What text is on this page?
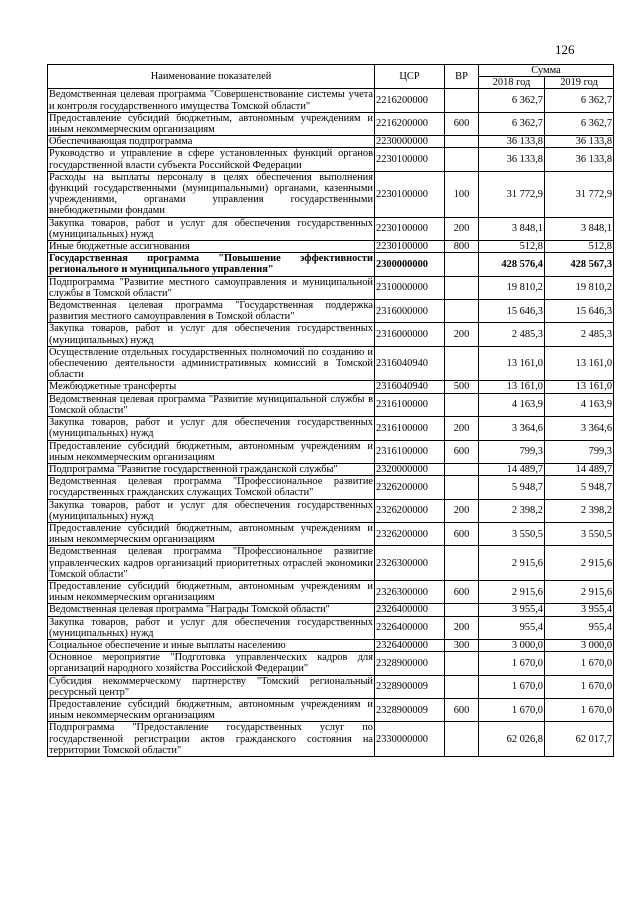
126
Наименование показателей	ЦСР	ВР	Сумма	
			2018 год	2019 год
Ведомственная целевая программа "Совершенствование системы учета и контроля государственного имущества Томской области"	2216200000		6 362,7	6 362,7
Предоставление субсидий бюджетным, автономным учреждениям и иным некоммерческим организациям	2216200000	600	6 362,7	6 362,7
Обеспечивающая подпрограмма	2230000000		36 133,8	36 133,8
Руководство и управление в сфере установленных функций органов государственной власти субъекта Российской Федерации	2230100000		36 133,8	36 133,8
Расходы на выплаты персоналу в целях обеспечения выполнения функций государственными (муниципальными) органами, казенными учреждениями, органами управления государственными внебюджетными фондами	2230100000	100	31 772,9	31 772,9
Закупка товаров, работ и услуг для обеспечения государственных (муниципальных) нужд	2230100000	200	3 848,1	3 848,1
Иные бюджетные ассигнования	2230100000	800	512,8	512,8
Государственная программа "Повышение эффективности регионального и муниципального управления"	2300000000		428 576,4	428 567,3
Подпрограмма "Развитие местного самоуправления и муниципальной службы в Томской области"	2310000000		19 810,2	19 810,2
Ведомственная целевая программа "Государственная поддержка развития местного самоуправления в Томской области"	2316000000		15 646,3	15 646,3
Закупка товаров, работ и услуг для обеспечения государственных (муниципальных) нужд	2316000000	200	2 485,3	2 485,3
Осуществление отдельных государственных полномочий по созданию и обеспечению деятельности административных комиссий в Томской области	2316040940		13 161,0	13 161,0
Межбюджетные трансферты	2316040940	500	13 161,0	13 161,0
Ведомственная целевая программа "Развитие муниципальной службы в Томской области"	2316100000		4 163,9	4 163,9
Закупка товаров, работ и услуг для обеспечения государственных (муниципальных) нужд	2316100000	200	3 364,6	3 364,6
Предоставление субсидий бюджетным, автономным учреждениям и иным некоммерческим организациям	2316100000	600	799,3	799,3
Подпрограмма "Развитие государственной гражданской службы"	2320000000		14 489,7	14 489,7
Ведомственная целевая программа "Профессиональное развитие государственных гражданских служащих Томской области"	2326200000		5 948,7	5 948,7
Закупка товаров, работ и услуг для обеспечения государственных (муниципальных) нужд	2326200000	200	2 398,2	2 398,2
Предоставление субсидий бюджетным, автономным учреждениям и иным некоммерческим организациям	2326200000	600	3 550,5	3 550,5
Ведомственная целевая программа "Профессиональное развитие управленческих кадров организаций приоритетных отраслей экономики Томской области"	2326300000		2 915,6	2 915,6
Предоставление субсидий бюджетным, автономным учреждениям и иным некоммерческим организациям	2326300000	600	2 915,6	2 915,6
Ведомственная целевая программа "Награды Томской области"	2326400000		3 955,4	3 955,4
Закупка товаров, работ и услуг для обеспечения государственных (муниципальных) нужд	2326400000	200	955,4	955,4
Социальное обеспечение и иные выплаты населению	2326400000	300	3 000,0	3 000,0
Основное мероприятие "Подготовка управленческих кадров для организаций народного хозяйства Российской Федерации"	2328900000		1 670,0	1 670,0
Субсидия некоммерческому партнерству "Томский региональный ресурсный центр"	2328900009		1 670,0	1 670,0
Предоставление субсидий бюджетным, автономным учреждениям и иным некоммерческим организациям	2328900009	600	1 670,0	1 670,0
Подпрограмма "Предоставление государственных услуг по государственной регистрации актов гражданского состояния на территории Томской области"	2330000000		62 026,8	62 017,7
